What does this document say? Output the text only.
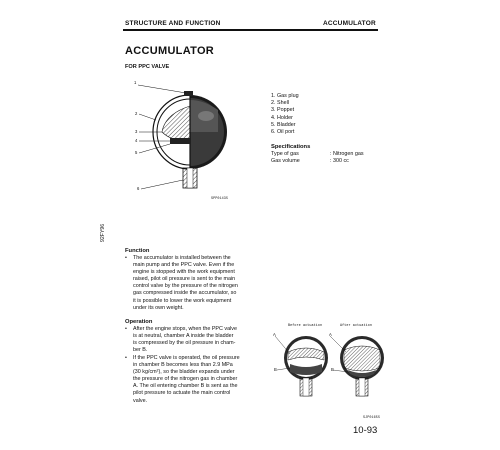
STRUCTURE AND FUNCTION	ACCUMULATOR
ACCUMULATOR
FOR PPC VALVE
1
2
3
4
5
6
SPP01435
1. Gas plug
2. Shell
3. Poppet
4. Holder
5. Bladder
6. Oil port
Specifications
Type of gas	: Nitrogen gas
Gas volume	: 300 cc
92FY96
Function
• The accumulator is installed between the
main pump and the PPC valve. Even if the
engine is stopped with the work equipment
raised, pilot oil pressure is sent to the main
control valve by the pressure of the nitrogen
gas compressed inside the accumulator, so
it is possible to lower the work equipment
under its own weight.
Operation
• After the engine stops, when the PPC valve
is at neutral, chamber A inside the bladder
is compressed by the oil pressure in cham-
ber B.
• If the PPC valve is operated, the oil pressure
in chamber B becomes less than 2.9 MPa
(30 kg/cm²), so the bladder expands under
the pressure of the nitrogen gas in chamber
A. The oil entering chamber B is sent as the
pilot pressure to actuate the main control
valve.
Before actuation	After actuation
A
B
A
B
SJP01655
10-93
